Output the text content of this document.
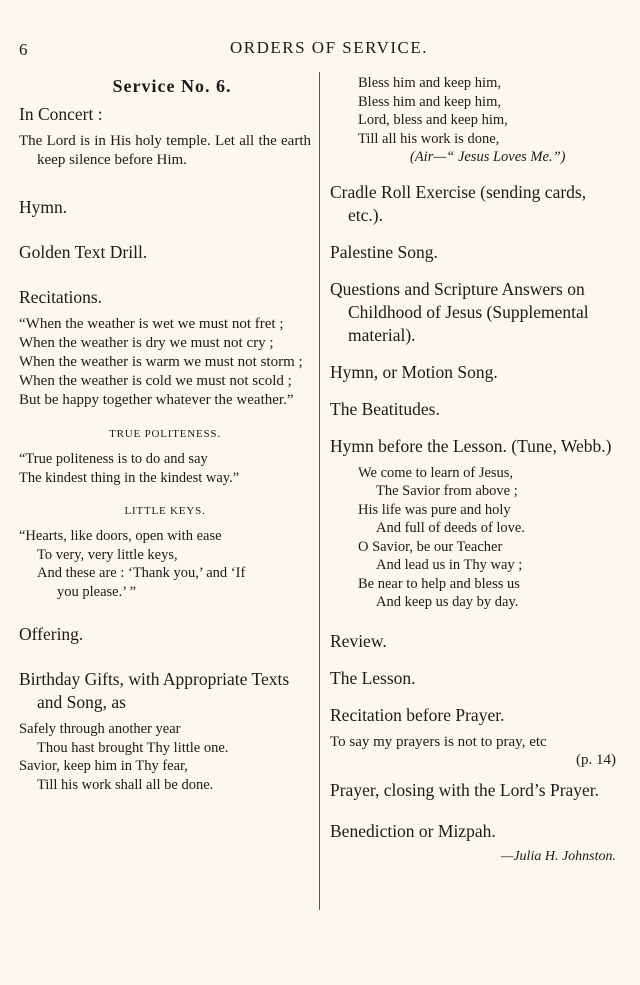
6	ORDERS OF SERVICE.

Service No. 6.

In Concert :

The Lord is in His holy temple. Let all the earth keep silence before Him.

Hymn.

Golden Text Drill.

Recitations.

“When the weather is wet we must not fret ;

When the weather is dry we must not cry ;

When the weather is warm we must not storm ;

When the weather is cold we must not scold ;

But be happy together whatever the weather.”

TRUE POLITENESS.

“True politeness is to do and say
The kindest thing in the kindest way.”

LITTLE KEYS.

“Hearts, like doors, open with ease
To very, very little keys,
And these are : ‘Thank you,’ and ‘If
you please.’ ”

Offering.

Birthday Gifts, with Appropriate Texts and Song, as

Safely through another year
Thou hast brought Thy little one.
Savior, keep him in Thy fear,
Till his work shall all be done.
Bless him and keep him,
Bless him and keep him,
Lord, bless and keep him,
Till all his work is done,
(Air—“ Jesus Loves Me.”)

Cradle Roll Exercise (sending cards, etc.).

Palestine Song.

Questions and Scripture Answers on Childhood of Jesus (Supplemental material).

Hymn, or Motion Song.

The Beatitudes.

Hymn before the Lesson. (Tune, Webb.)

We come to learn of Jesus,
The Savior from above ;
His life was pure and holy
And full of deeds of love.
O Savior, be our Teacher
And lead us in Thy way ;
Be near to help and bless us
And keep us day by day.

Review.

The Lesson.

Recitation before Prayer.

To say my prayers is not to pray, etc

(p. 14)

Prayer, closing with the Lord’s Prayer.

Benediction or Mizpah.

—Julia H. Johnston.
